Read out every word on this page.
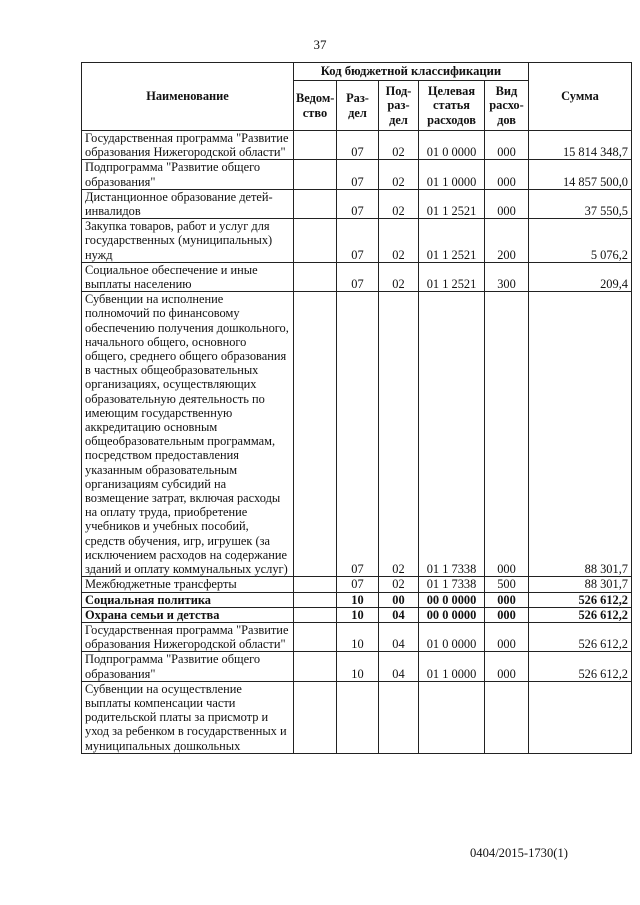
37
Наименование	Код бюджетной классификации					Сумма
	Ведом-ство	Раз-дел	Под-раз-дел	Целевая статья расходов	Вид расхо-дов	
Государственная программа "Развитие образования Нижегородской области"		07	02	01 0 0000	000	15 814 348,7
Подпрограмма "Развитие общего образования"		07	02	01 1 0000	000	14 857 500,0
Дистанционное образование детей-инвалидов		07	02	01 1 2521	000	37 550,5
Закупка товаров, работ и услуг для государственных (муниципальных) нужд		07	02	01 1 2521	200	5 076,2
Социальное обеспечение и иные выплаты населению		07	02	01 1 2521	300	209,4
Субвенции на исполнение полномочий по финансовому обеспечению получения дошкольного, начального общего, основного общего, среднего общего образования в частных общеобразовательных организациях, осуществляющих образовательную деятельность по имеющим государственную аккредитацию основным общеобразовательным программам, посредством предоставления указанным образовательным организациям субсидий на возмещение затрат, включая расходы на оплату труда, приобретение учебников и учебных пособий, средств обучения, игр, игрушек (за исключением расходов на содержание зданий и оплату коммунальных услуг)		07	02	01 1 7338	000	88 301,7
Межбюджетные трансферты		07	02	01 1 7338	500	88 301,7
Социальная политика		10	00	00 0 0000	000	526 612,2
Охрана семьи и детства		10	04	00 0 0000	000	526 612,2
Государственная программа "Развитие образования Нижегородской области"		10	04	01 0 0000	000	526 612,2
Подпрограмма "Развитие общего образования"		10	04	01 1 0000	000	526 612,2
Субвенции на осуществление выплаты компенсации части родительской платы за присмотр и уход за ребенком в государственных и муниципальных дошкольных						
0404/2015-1730(1)
